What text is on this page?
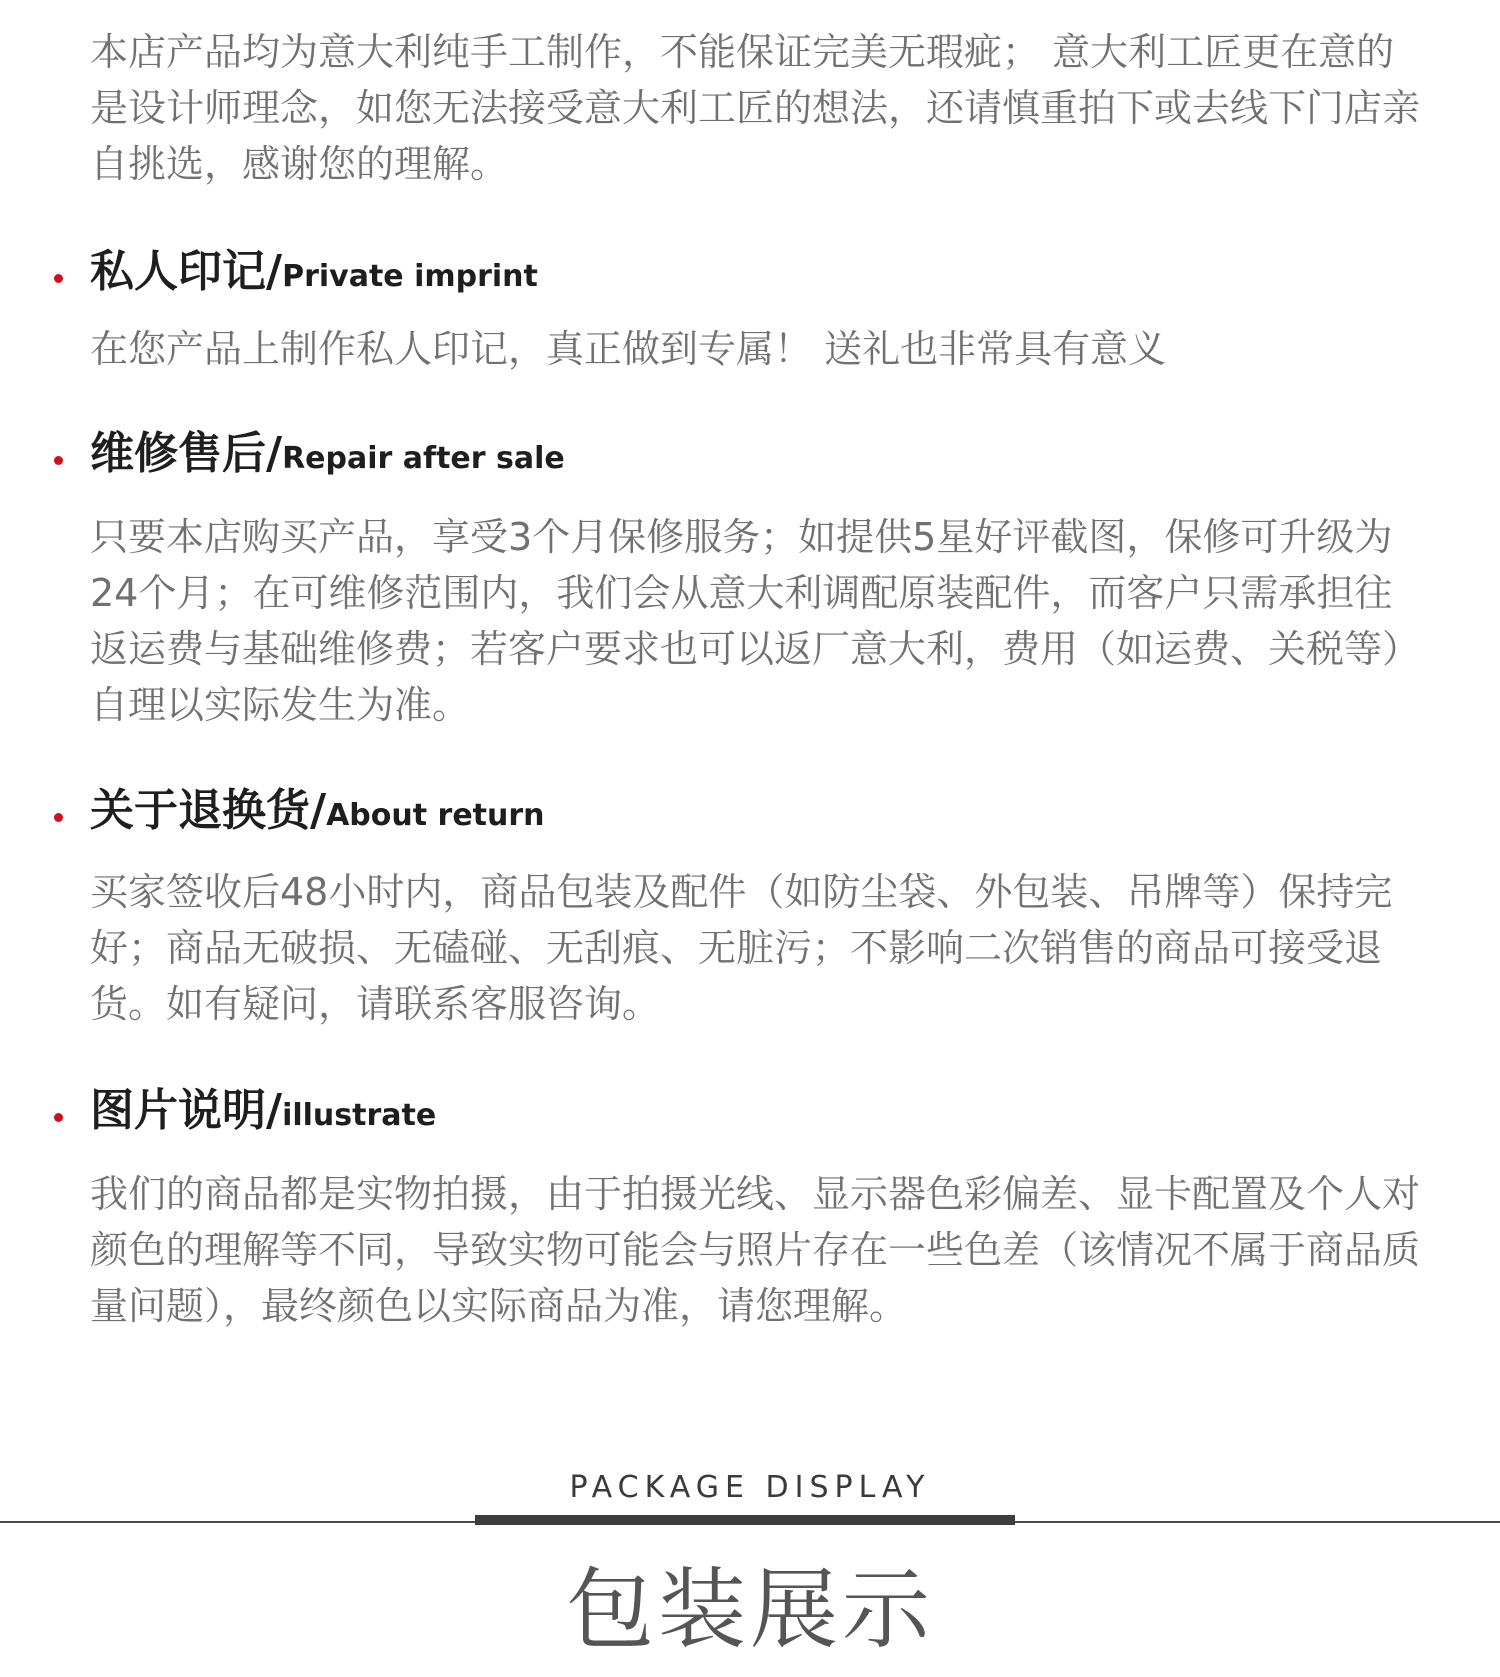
本店产品均为意大利纯手工制作，不能保证完美无瑕疵； 意大利工匠更在意的是设计师理念，如您无法接受意大利工匠的想法，还请慎重拍下或去线下门店亲自挑选，感谢您的理解。

私人印记/Private imprint

在您产品上制作私人印记，真正做到专属！ 送礼也非常具有意义

维修售后/Repair after sale

只要本店购买产品，享受3个月保修服务；如提供5星好评截图，保修可升级为24个月；在可维修范围内，我们会从意大利调配原装配件，而客户只需承担往返运费与基础维修费；若客户要求也可以返厂意大利，费用（如运费、关税等）自理以实际发生为准。

关于退换货/About return

买家签收后48小时内，商品包装及配件（如防尘袋、外包装、吊牌等）保持完好；商品无破损、无磕碰、无刮痕、无脏污；不影响二次销售的商品可接受退货。如有疑问，请联系客服咨询。

图片说明/illustrate

我们的商品都是实物拍摄，由于拍摄光线、显示器色彩偏差、显卡配置及个人对颜色的理解等不同，导致实物可能会与照片存在一些色差（该情况不属于商品质量问题），最终颜色以实际商品为准，请您理解。

PACKAGE DISPLAY
包装展示
